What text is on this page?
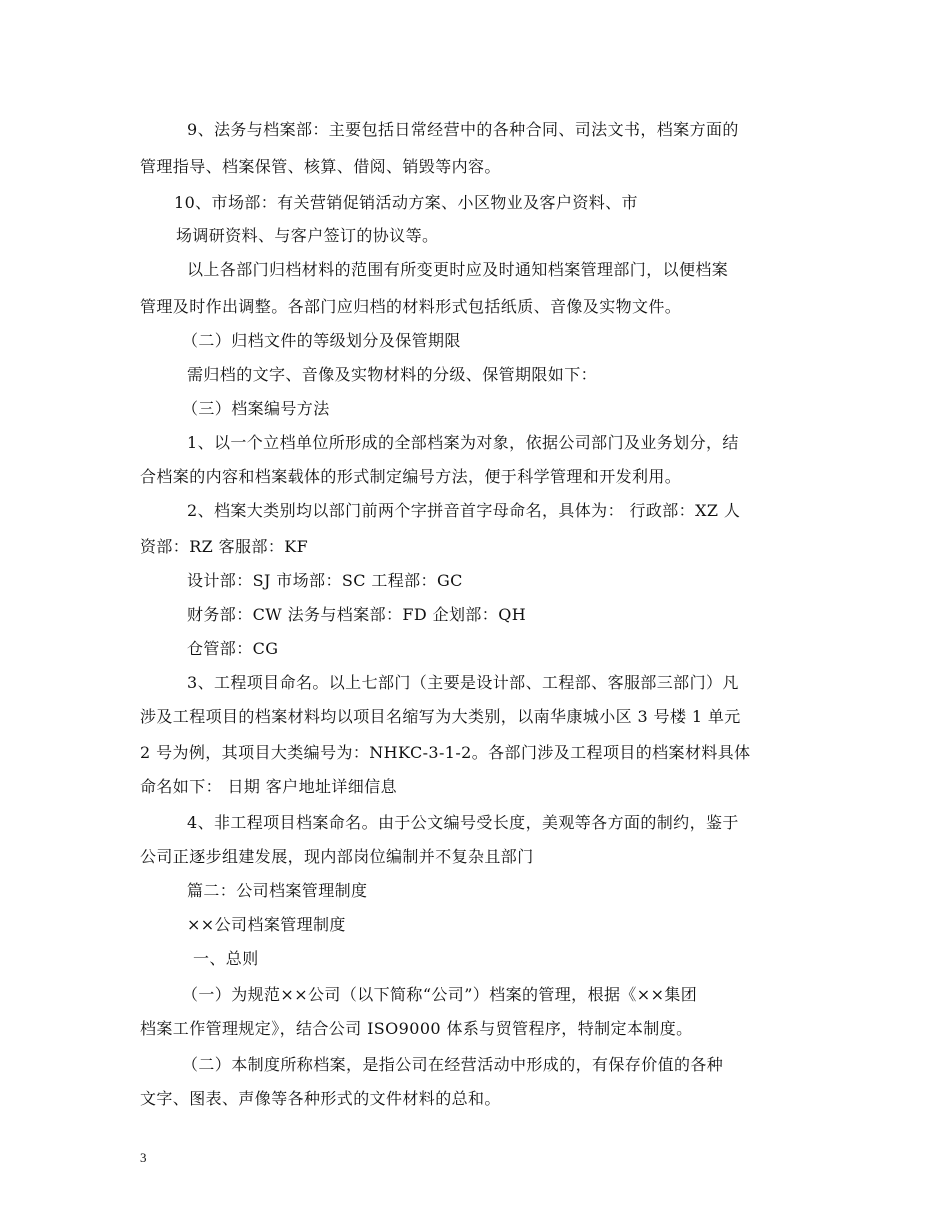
9、法务与档案部：主要包括日常经营中的各种合同、司法文书，档案方面的
管理指导、档案保管、核算、借阅、销毁等内容。
10、市场部：有关营销促销活动方案、小区物业及客户资料、市
场调研资料、与客户签订的协议等。
以上各部门归档材料的范围有所变更时应及时通知档案管理部门，以便档案
管理及时作出调整。各部门应归档的材料形式包括纸质、音像及实物文件。
（二）归档文件的等级划分及保管期限
需归档的文字、音像及实物材料的分级、保管期限如下：
（三）档案编号方法
1、以一个立档单位所形成的全部档案为对象，依据公司部门及业务划分，结
合档案的内容和档案载体的形式制定编号方法，便于科学管理和开发利用。
2、档案大类别均以部门前两个字拼音首字母命名，具体为： 行政部：XZ 人
资部：RZ 客服部：KF
设计部：SJ 市场部：SC 工程部：GC
财务部：CW 法务与档案部：FD 企划部：QH
仓管部：CG
3、工程项目命名。以上七部门（主要是设计部、工程部、客服部三部门）凡
涉及工程项目的档案材料均以项目名缩写为大类别，以南华康城小区 3 号楼 1 单元
2 号为例，其项目大类编号为：NHKC-3-1-2。各部门涉及工程项目的档案材料具体
命名如下： 日期 客户地址详细信息
4、非工程项目档案命名。由于公文编号受长度，美观等各方面的制约，鉴于
公司正逐步组建发展，现内部岗位编制并不复杂且部门
篇二：公司档案管理制度
××公司档案管理制度
一、总则
（一）为规范××公司（以下简称“公司”）档案的管理，根据《××集团
档案工作管理规定》，结合公司 ISO9000 体系与贸管程序，特制定本制度。
（二）本制度所称档案，是指公司在经营活动中形成的，有保存价值的各种
文字、图表、声像等各种形式的文件材料的总和。
3
